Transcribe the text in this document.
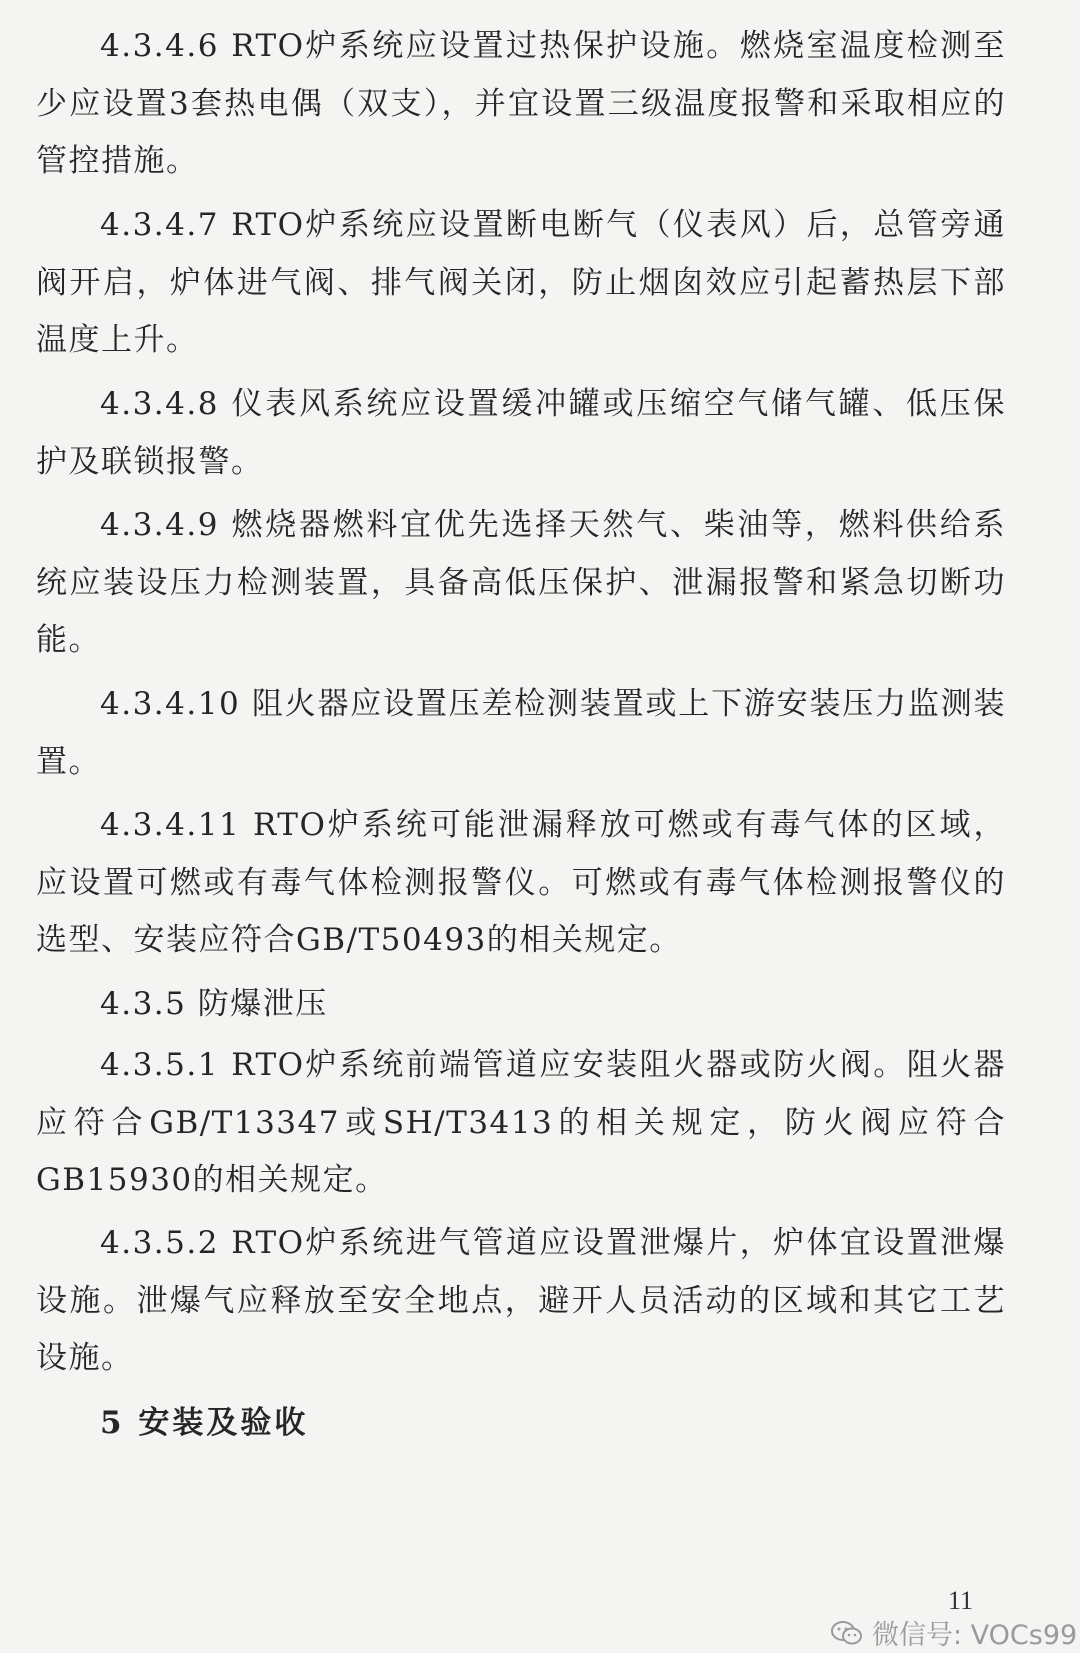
4.3.4.6 RTO炉系统应设置过热保护设施。燃烧室温度检测至少应设置3套热电偶（双支），并宜设置三级温度报警和采取相应的管控措施。
4.3.4.7 RTO炉系统应设置断电断气（仪表风）后，总管旁通阀开启，炉体进气阀、排气阀关闭，防止烟囱效应引起蓄热层下部温度上升。
4.3.4.8 仪表风系统应设置缓冲罐或压缩空气储气罐、低压保护及联锁报警。
4.3.4.9 燃烧器燃料宜优先选择天然气、柴油等，燃料供给系统应装设压力检测装置，具备高低压保护、泄漏报警和紧急切断功能。
4.3.4.10 阻火器应设置压差检测装置或上下游安装压力监测装置。
4.3.4.11 RTO炉系统可能泄漏释放可燃或有毒气体的区域，应设置可燃或有毒气体检测报警仪。可燃或有毒气体检测报警仪的选型、安装应符合GB/T50493的相关规定。
4.3.5 防爆泄压
4.3.5.1 RTO炉系统前端管道应安装阻火器或防火阀。阻火器应符合GB/T13347或SH/T3413的相关规定，防火阀应符合GB15930的相关规定。
4.3.5.2 RTO炉系统进气管道应设置泄爆片，炉体宜设置泄爆设施。泄爆气应释放至安全地点，避开人员活动的区域和其它工艺设施。
5 安装及验收
11
微信号: VOCs99
